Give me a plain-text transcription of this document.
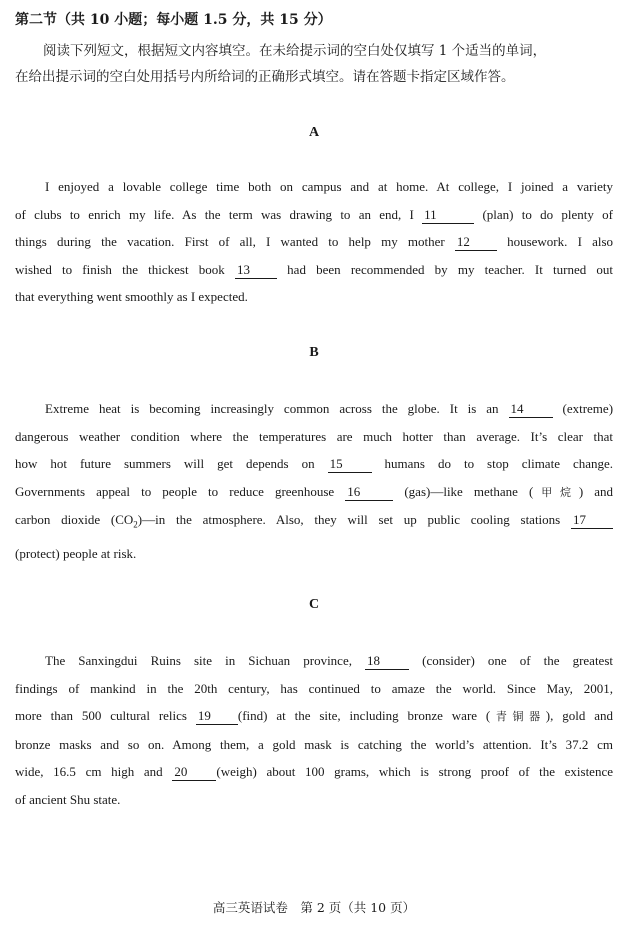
第二节（共 10 小题；每小题 1.5 分，共 15 分）
阅读下列短文，根据短文内容填空。在未给提示词的空白处仅填写 1 个适当的单词，
在给出提示词的空白处用括号内所给词的正确形式填空。请在答题卡指定区域作答。
A
I enjoyed a lovable college time both on campus and at home. At college, I joined a variety
of clubs to enrich my life. As the term was drawing to an end, I 11	(plan) to do plenty of
things during the vacation. First of all, I wanted to help my mother 12	housework. I also
wished to finish the thickest book 13	had been recommended by my teacher. It turned out
that everything went smoothly as I expected.
B
Extreme heat is becoming increasingly common across the globe. It is an 14	(extreme)
dangerous weather condition where the temperatures are much hotter than average. It’s clear that
how hot future summers will get depends on 15	humans do to stop climate change.
Governments appeal to people to reduce greenhouse 16	(gas)—like methane (甲烷) and
carbon dioxide $(CO_2)—in$ the atmosphere. Also, they will set up public cooling stations 17
(protect) people at risk.
C
The Sanxingdui Ruins site in Sichuan province, 18	(consider) one of the greatest
findings of mankind in the 20th century, has continued to amaze the world. Since May, 2001,
more than 500 cultural relics 19 (find) at the site, including bronze ware (青铜器), gold and
bronze masks and so on. Among them, a gold mask is catching the world’s attention. It’s 37.2 cm
wide, 16.5 cm high and 20 (weigh) about 100 grams, which is strong proof of the existence
of ancient Shu state.
高三英语试卷　第 2 页（共 10 页）
